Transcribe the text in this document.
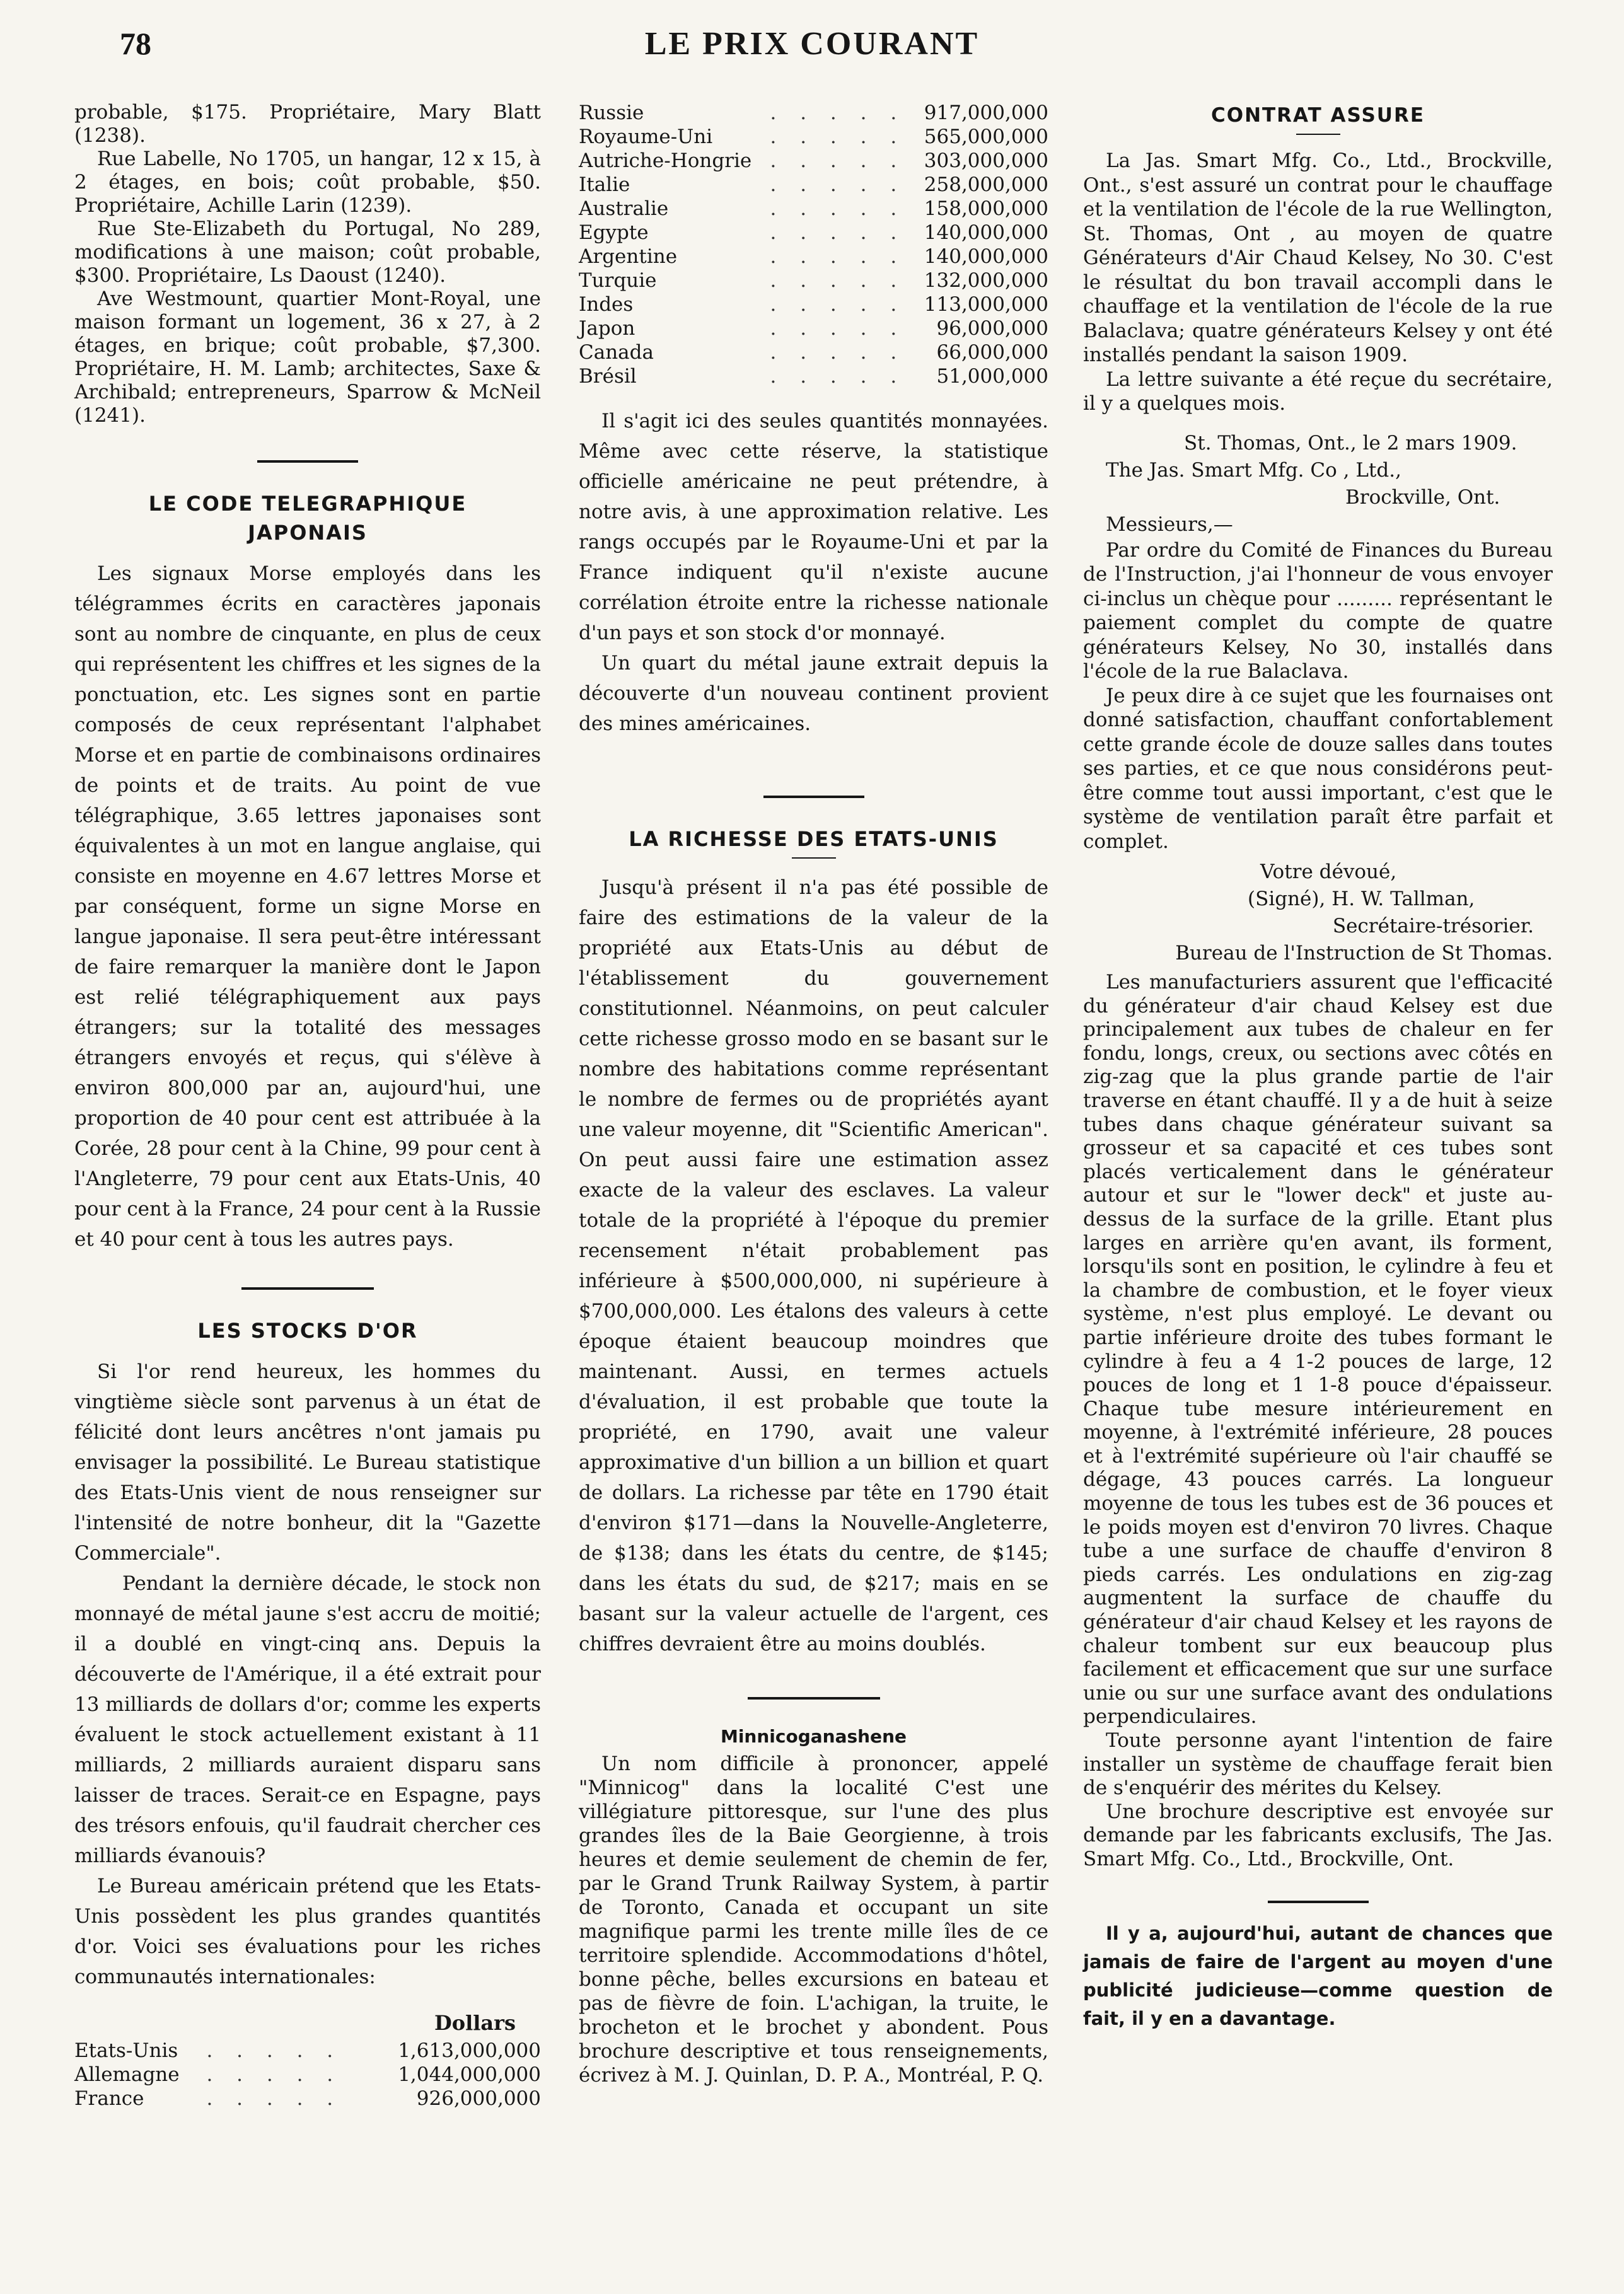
78	LE PRIX COURANT

probable, $175. Propriétaire, Mary Blatt (1238).

Rue Labelle, No 1705, un hangar, 12 x 15, à 2 étages, en bois; coût probable, $50. Propriétaire, Achille Larin (1239).

Rue Ste-Elizabeth du Portugal, No 289, modifications à une maison; coût probable, $300. Propriétaire, Ls Daoust (1240).

Ave Westmount, quartier Mont-Royal, une maison formant un logement, 36 x 27, à 2 étages, en brique; coût probable, $7,300. Propriétaire, H. M. Lamb; architectes, Saxe & Archibald; entrepreneurs, Sparrow & McNeil (1241).

LE CODE TELEGRAPHIQUE JAPONAIS

Les signaux Morse employés dans les télégrammes écrits en caractères japonais sont au nombre de cinquante, en plus de ceux qui représentent les chiffres et les signes de la ponctuation, etc. Les signes sont en partie composés de ceux représentant l'alphabet Morse et en partie de combinaisons ordinaires de points et de traits. Au point de vue télégraphique, 3.65 lettres japonaises sont équivalentes à un mot en langue anglaise, qui consiste en moyenne en 4.67 lettres Morse et par conséquent, forme un signe Morse en langue japonaise. Il sera peut-être intéressant de faire remarquer la manière dont le Japon est relié télégraphiquement aux pays étrangers; sur la totalité des messages étrangers envoyés et reçus, qui s'élève à environ 800,000 par an, aujourd'hui, une proportion de 40 pour cent est attribuée à la Corée, 28 pour cent à la Chine, 99 pour cent à l'Angleterre, 79 pour cent aux Etats-Unis, 40 pour cent à la France, 24 pour cent à la Russie et 40 pour cent à tous les autres pays.

LES STOCKS D'OR

Si l'or rend heureux, les hommes du vingtième siècle sont parvenus à un état de félicité dont leurs ancêtres n'ont jamais pu envisager la possibilité. Le Bureau statistique des Etats-Unis vient de nous renseigner sur l'intensité de notre bonheur, dit la "Gazette Commerciale".

Pendant la dernière décade, le stock non monnayé de métal jaune s'est accru de moitié; il a doublé en vingt-cinq ans. Depuis la découverte de l'Amérique, il a été extrait pour 13 milliards de dollars d'or; comme les experts évaluent le stock actuellement existant à 11 milliards, 2 milliards auraient disparu sans laisser de traces. Serait-ce en Espagne, pays des trésors enfouis, qu'il faudrait chercher ces milliards évanouis?

Le Bureau américain prétend que les Etats-Unis possèdent les plus grandes quantités d'or. Voici ses évaluations pour les riches communautés internationales:

Dollars
Etats-Unis	. . . . .	1,613,000,000
Allemagne	. . . . .	1,044,000,000
France	. . . . .	926,000,000
Russie	. . . . .	917,000,000
Royaume-Uni	. . . . .	565,000,000
Autriche-Hongrie	. . . . .	303,000,000
Italie	. . . . .	258,000,000
Australie	. . . . .	158,000,000
Egypte	. . . . .	140,000,000
Argentine	. . . . .	140,000,000
Turquie	. . . . .	132,000,000
Indes	. . . . .	113,000,000
Japon	. . . . .	96,000,000
Canada	. . . . .	66,000,000
Brésil	. . . . .	51,000,000

Il s'agit ici des seules quantités monnayées. Même avec cette réserve, la statistique officielle américaine ne peut prétendre, à notre avis, à une approximation relative. Les rangs occupés par le Royaume-Uni et par la France indiquent qu'il n'existe aucune corrélation étroite entre la richesse nationale d'un pays et son stock d'or monnayé.

Un quart du métal jaune extrait depuis la découverte d'un nouveau continent provient des mines américaines.

LA RICHESSE DES ETATS-UNIS

Jusqu'à présent il n'a pas été possible de faire des estimations de la valeur de la propriété aux Etats-Unis au début de l'établissement du gouvernement constitutionnel. Néanmoins, on peut calculer cette richesse grosso modo en se basant sur le nombre des habitations comme représentant le nombre de fermes ou de propriétés ayant une valeur moyenne, dit "Scientific American". On peut aussi faire une estimation assez exacte de la valeur des esclaves. La valeur totale de la propriété à l'époque du premier recensement n'était probablement pas inférieure à $500,000,000, ni supérieure à $700,000,000. Les étalons des valeurs à cette époque étaient beaucoup moindres que maintenant. Aussi, en termes actuels d'évaluation, il est probable que toute la propriété, en 1790, avait une valeur approximative d'un billion a un billion et quart de dollars. La richesse par tête en 1790 était d'environ $171—dans la Nouvelle-Angleterre, de $138; dans les états du centre, de $145; dans les états du sud, de $217; mais en se basant sur la valeur actuelle de l'argent, ces chiffres devraient être au moins doublés.

Minnicoganashene

Un nom difficile à prononcer, appelé "Minnicog" dans la localité C'est une villégiature pittoresque, sur l'une des plus grandes îles de la Baie Georgienne, à trois heures et demie seulement de chemin de fer, par le Grand Trunk Railway System, à partir de Toronto, Canada et occupant un site magnifique parmi les trente mille îles de ce territoire splendide. Accommodations d'hôtel, bonne pêche, belles excursions en bateau et pas de fièvre de foin. L'achigan, la truite, le brocheton et le brochet y abondent. Pous brochure descriptive et tous renseignements, écrivez à M. J. Quinlan, D. P. A., Montréal, P. Q.

CONTRAT ASSURE

La Jas. Smart Mfg. Co., Ltd., Brockville, Ont., s'est assuré un contrat pour le chauffage et la ventilation de l'école de la rue Wellington, St. Thomas, Ont , au moyen de quatre Générateurs d'Air Chaud Kelsey, No 30. C'est le résultat du bon travail accompli dans le chauffage et la ventilation de l'école de la rue Balaclava; quatre générateurs Kelsey y ont été installés pendant la saison 1909.

La lettre suivante a été reçue du secrétaire, il y a quelques mois.

St. Thomas, Ont., le 2 mars 1909.

The Jas. Smart Mfg. Co , Ltd.,

Brockville, Ont.

Messieurs,—

Par ordre du Comité de Finances du Bureau de l'Instruction, j'ai l'honneur de vous envoyer ci-inclus un chèque pour ......... représentant le paiement complet du compte de quatre générateurs Kelsey, No 30, installés dans l'école de la rue Balaclava.

Je peux dire à ce sujet que les fournaises ont donné satisfaction, chauffant confortablement cette grande école de douze salles dans toutes ses parties, et ce que nous considérons peut-être comme tout aussi important, c'est que le système de ventilation paraît être parfait et complet.

Votre dévoué,

(Signé), H. W. Tallman,

Secrétaire-trésorier.

Bureau de l'Instruction de St Thomas.

Les manufacturiers assurent que l'efficacité du générateur d'air chaud Kelsey est due principalement aux tubes de chaleur en fer fondu, longs, creux, ou sections avec côtés en zig-zag que la plus grande partie de l'air traverse en étant chauffé. Il y a de huit à seize tubes dans chaque générateur suivant sa grosseur et sa capacité et ces tubes sont placés verticalement dans le générateur autour et sur le "lower deck" et juste au-dessus de la surface de la grille. Etant plus larges en arrière qu'en avant, ils forment, lorsqu'ils sont en position, le cylindre à feu et la chambre de combustion, et le foyer vieux système, n'est plus employé. Le devant ou partie inférieure droite des tubes formant le cylindre à feu a 4 1-2 pouces de large, 12 pouces de long et 1 1-8 pouce d'épaisseur. Chaque tube mesure intérieurement en moyenne, à l'extrémité inférieure, 28 pouces et à l'extrémité supérieure où l'air chauffé se dégage, 43 pouces carrés. La longueur moyenne de tous les tubes est de 36 pouces et le poids moyen est d'environ 70 livres. Chaque tube a une surface de chauffe d'environ 8 pieds carrés. Les ondulations en zig-zag augmentent la surface de chauffe du générateur d'air chaud Kelsey et les rayons de chaleur tombent sur eux beaucoup plus facilement et efficacement que sur une surface unie ou sur une surface avant des ondulations perpendiculaires.

Toute personne ayant l'intention de faire installer un système de chauffage ferait bien de s'enquérir des mérites du Kelsey.

Une brochure descriptive est envoyée sur demande par les fabricants exclusifs, The Jas. Smart Mfg. Co., Ltd., Brockville, Ont.

Il y a, aujourd'hui, autant de chances que jamais de faire de l'argent au moyen d'une publicité judicieuse—comme question de fait, il y en a davantage.
